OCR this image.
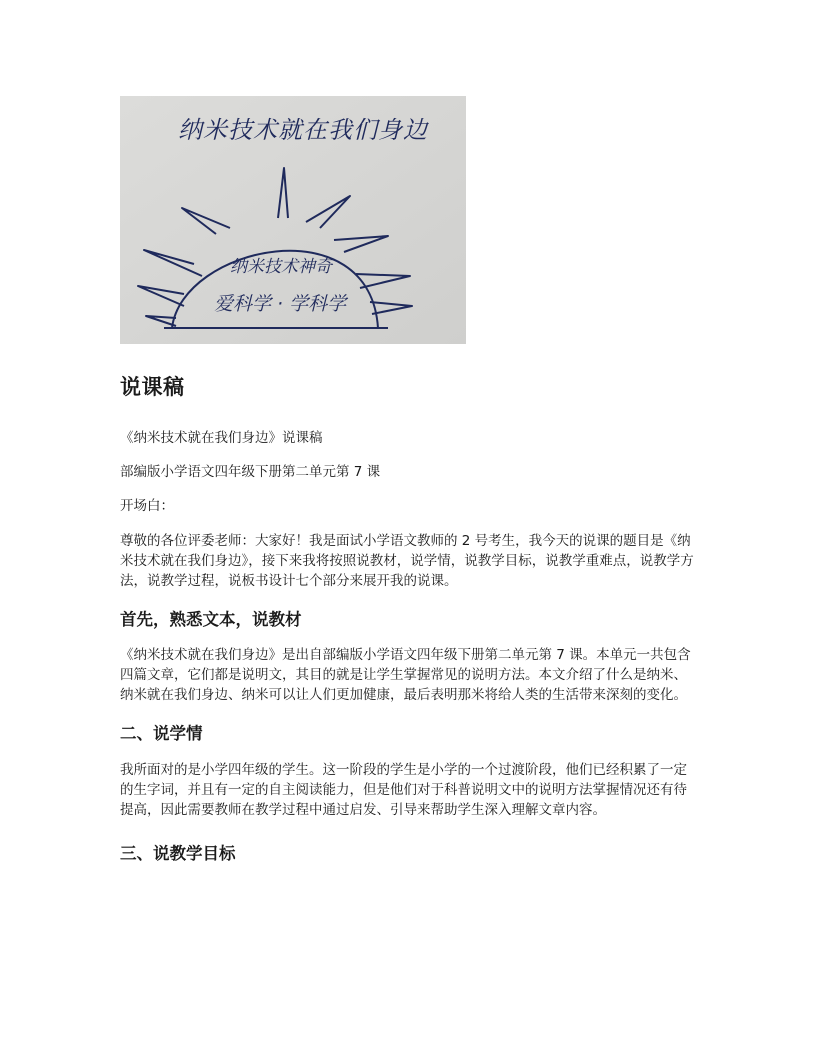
纳米技术就在我们身边
纳米技术神奇
爱科学 · 学科学
说课稿

《纳米技术就在我们身边》说课稿

部编版小学语文四年级下册第二单元第 7 课

开场白：

尊敬的各位评委老师：大家好！我是面试小学语文教师的 2 号考生，我今天的说课的题目是《纳米技术就在我们身边》，接下来我将按照说教材，说学情，说教学目标，说教学重难点，说教学方法，说教学过程，说板书设计七个部分来展开我的说课。

首先，熟悉文本，说教材

《纳米技术就在我们身边》是出自部编版小学语文四年级下册第二单元第 7 课。本单元一共包含四篇文章，它们都是说明文，其目的就是让学生掌握常见的说明方法。本文介绍了什么是纳米、纳米就在我们身边、纳米可以让人们更加健康，最后表明那米将给人类的生活带来深刻的变化。

二、说学情

我所面对的是小学四年级的学生。这一阶段的学生是小学的一个过渡阶段，他们已经积累了一定的生字词，并且有一定的自主阅读能力，但是他们对于科普说明文中的说明方法掌握情况还有待提高，因此需要教师在教学过程中通过启发、引导来帮助学生深入理解文章内容。

三、说教学目标
